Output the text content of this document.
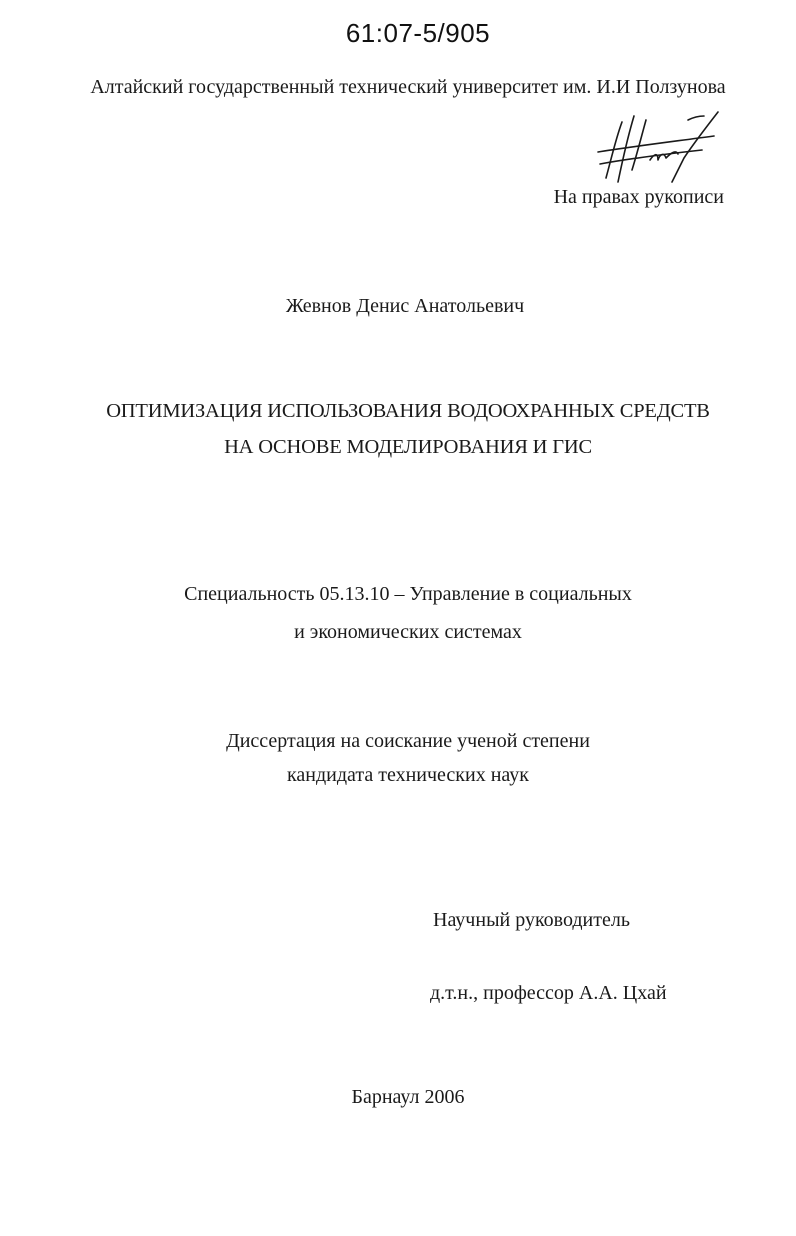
61:07-5/905
Алтайский государственный технический университет им. И.И Ползунова
На правах рукописи
Жевнов Денис Анатольевич
ОПТИМИЗАЦИЯ ИСПОЛЬЗОВАНИЯ ВОДООХРАННЫХ СРЕДСТВ
НА ОСНОВЕ МОДЕЛИРОВАНИЯ И ГИС
Специальность 05.13.10 – Управление в социальных
и экономических системах
Диссертация на соискание ученой степени
кандидата технических наук
Научный руководитель
д.т.н., профессор А.А. Цхай
Барнаул 2006
